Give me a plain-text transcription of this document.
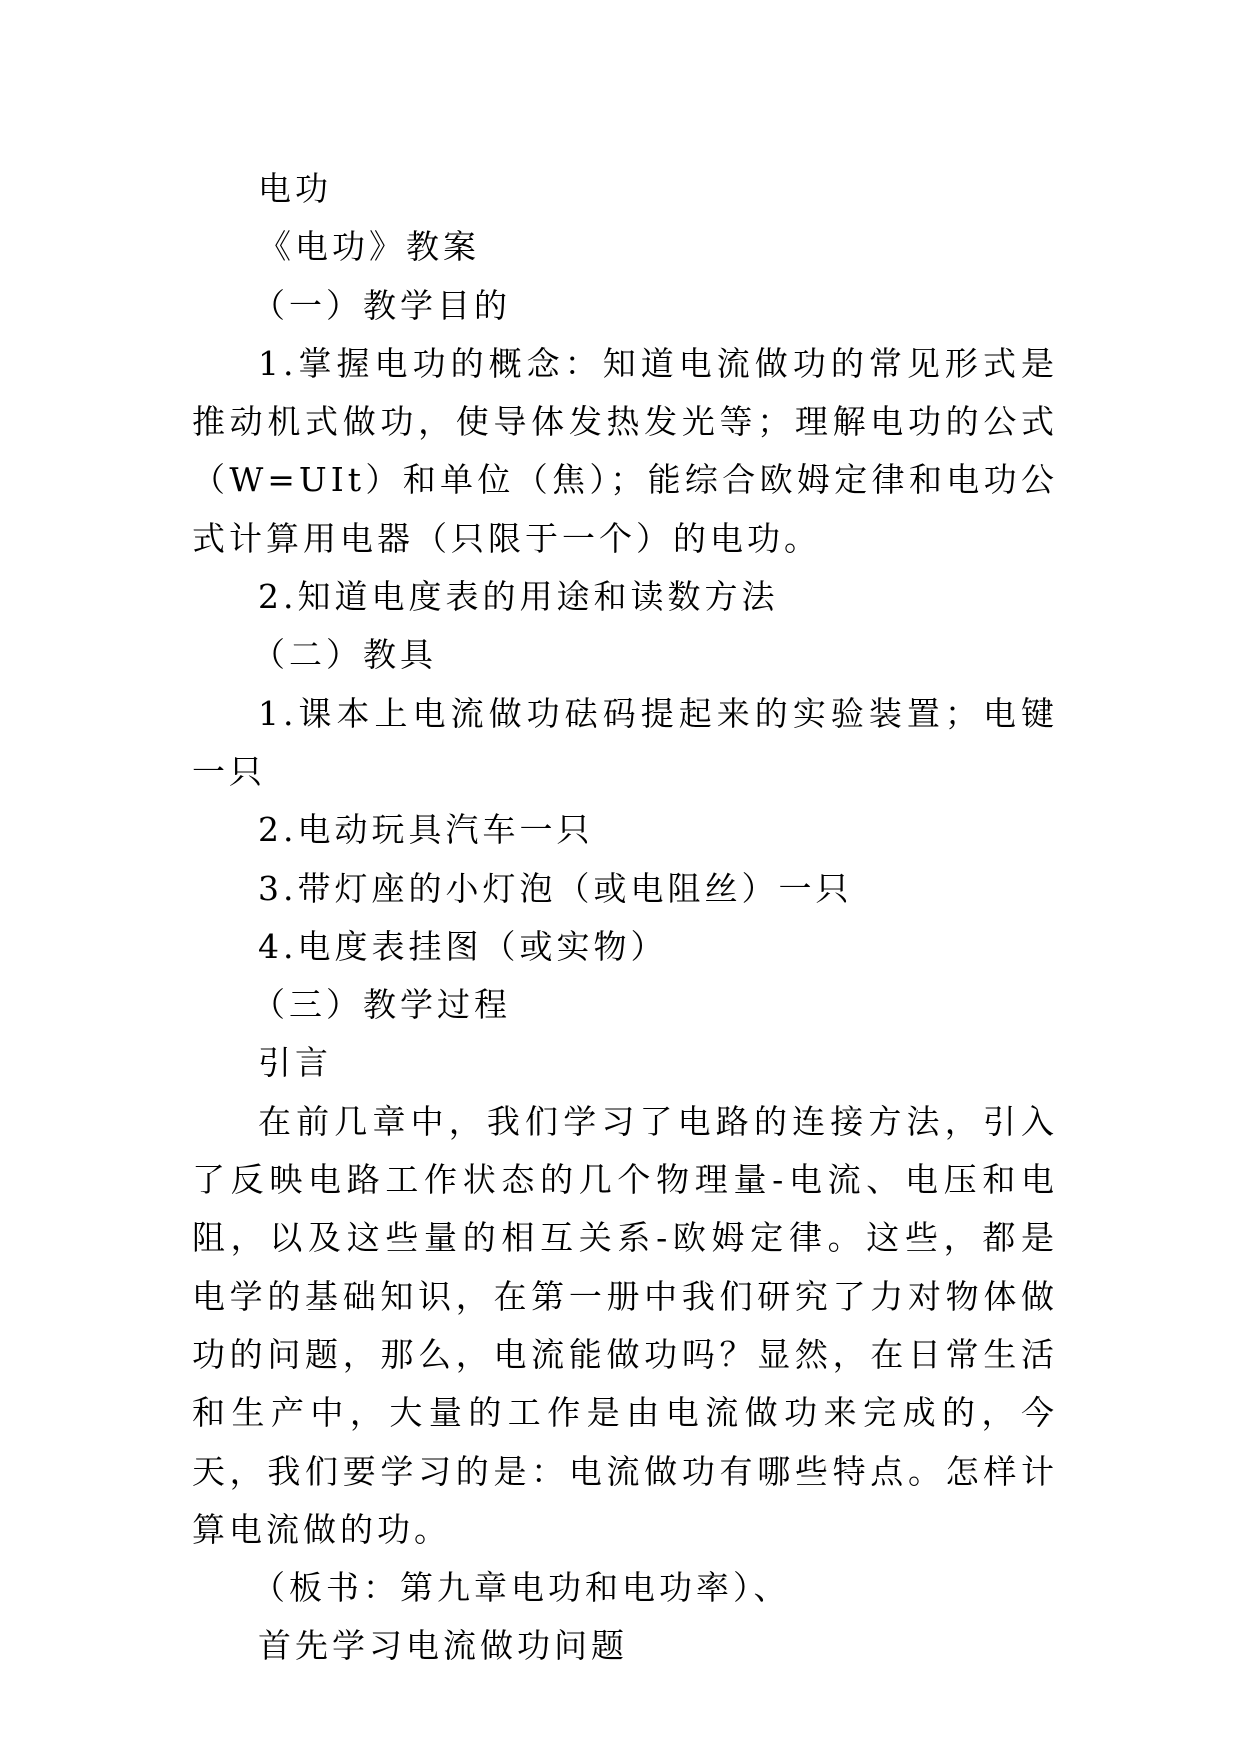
电功

《电功》教案

（一）教学目的

1.掌握电功的概念：知道电流做功的常见形式是推动机式做功，使导体发热发光等；理解电功的公式（W=UIt）和单位（焦）；能综合欧姆定律和电功公式计算用电器（只限于一个）的电功。

2.知道电度表的用途和读数方法

（二）教具

1.课本上电流做功砝码提起来的实验装置；电键一只

2.电动玩具汽车一只

3.带灯座的小灯泡（或电阻丝）一只

4.电度表挂图（或实物）

（三）教学过程

引言

在前几章中，我们学习了电路的连接方法，引入了反映电路工作状态的几个物理量-电流、电压和电阻，以及这些量的相互关系-欧姆定律。这些，都是电学的基础知识，在第一册中我们研究了力对物体做功的问题，那么，电流能做功吗？显然，在日常生活和生产中，大量的工作是由电流做功来完成的，今天，我们要学习的是：电流做功有哪些特点。怎样计算电流做的功。

（板书：第九章电功和电功率）、

首先学习电流做功问题
